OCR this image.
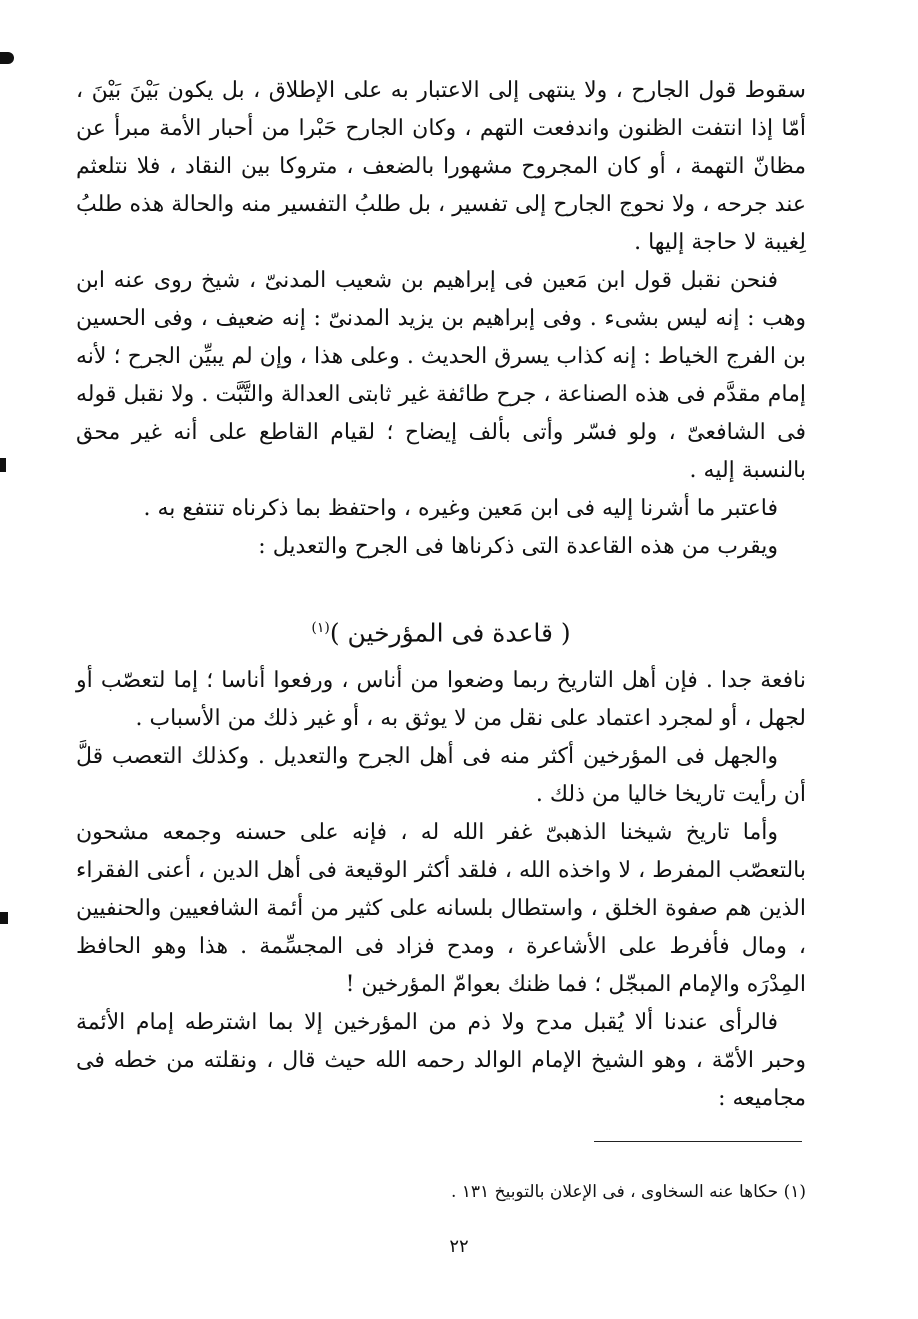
سقوط قول الجارح ، ولا ينتهى إلى الاعتبار به على الإطلاق ، بل يكون بَيْنَ بَيْنَ ، أمّا إذا انتفت الظنون واندفعت التهم ، وكان الجارح حَبْرا من أحبار الأمة مبرأ عن مظانّ التهمة ، أو كان المجروح مشهورا بالضعف ، متروكا بين النقاد ، فلا نتلعثم عند جرحه ، ولا نحوج الجارح إلى تفسير ، بل طلبُ التفسير منه والحالة هذه طلبُ لِغيبة لا حاجة إليها .

فنحن نقبل قول ابن مَعين فى إبراهيم بن شعيب المدنىّ ، شيخ روى عنه ابن وهب : إنه ليس بشىء . وفى إبراهيم بن يزيد المدنىّ : إنه ضعيف ، وفى الحسين بن الفرج الخياط : إنه كذاب يسرق الحديث . وعلى هذا ، وإن لم يبيِّن الجرح ؛ لأنه إمام مقدَّم فى هذه الصناعة ، جرح طائفة غير ثابتى العدالة والتَّبَّت . ولا نقبل قوله فى الشافعىّ ، ولو فسّر وأتى بألف إيضاح ؛ لقيام القاطع على أنه غير محق بالنسبة إليه .

فاعتبر ما أشرنا إليه فى ابن مَعين وغيره ، واحتفظ بما ذكرناه تنتفع به .

ويقرب من هذه القاعدة التى ذكرناها فى الجرح والتعديل :

( قاعدة فى المؤرخين )$^{(١)}$

نافعة جدا . فإن أهل التاريخ ربما وضعوا من أناس ، ورفعوا أناسا ؛ إما لتعصّب أو لجهل ، أو لمجرد اعتماد على نقل من لا يوثق به ، أو غير ذلك من الأسباب .

والجهل فى المؤرخين أكثر منه فى أهل الجرح والتعديل . وكذلك التعصب قلَّ أن رأيت تاريخا خاليا من ذلك .

وأما تاريخ شيخنا الذهبىّ غفر الله له ، فإنه على حسنه وجمعه مشحون بالتعصّب المفرط ، لا واخذه الله ، فلقد أكثر الوقيعة فى أهل الدين ، أعنى الفقراء الذين هم صفوة الخلق ، واستطال بلسانه على كثير من أئمة الشافعيين والحنفيين ، ومال فأفرط على الأشاعرة ، ومدح فزاد فى المجسِّمة . هذا وهو الحافظ المِدْرَه والإمام المبجّل ؛ فما ظنك بعوامّ المؤرخين !

فالرأى عندنا ألا يُقبل مدح ولا ذم من المؤرخين إلا بما اشترطه إمام الأئمة وحبر الأمّة ، وهو الشيخ الإمام الوالد رحمه الله حيث قال ، ونقلته من خطه فى مجاميعه :

(١) حكاها عنه السخاوى ، فى الإعلان بالتوبيخ ١٣١ .
٢٢
